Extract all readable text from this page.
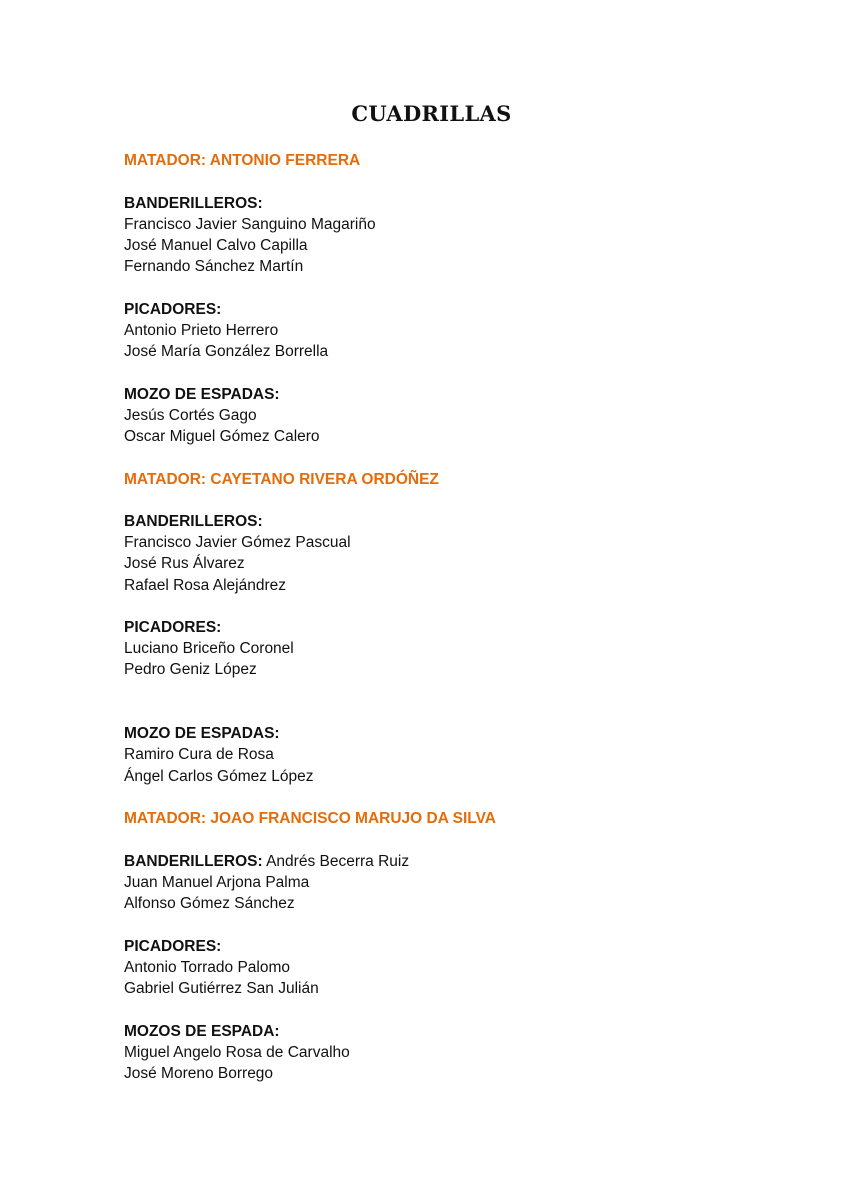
CUADRILLAS
MATADOR: ANTONIO FERRERA
BANDERILLEROS:
Francisco Javier Sanguino Magariño
José Manuel Calvo Capilla
Fernando Sánchez Martín
PICADORES:
Antonio Prieto Herrero
José María González Borrella
MOZO DE ESPADAS:
Jesús Cortés Gago
Oscar Miguel Gómez Calero
MATADOR: CAYETANO RIVERA ORDÓÑEZ
BANDERILLEROS:
Francisco Javier Gómez Pascual
José Rus Álvarez
Rafael Rosa Alejándrez
PICADORES:
Luciano Briceño Coronel
Pedro Geniz López
MOZO DE ESPADAS:
Ramiro Cura de Rosa
Ángel Carlos Gómez López
MATADOR: JOAO FRANCISCO MARUJO DA SILVA
BANDERILLEROS: Andrés Becerra Ruiz
Juan Manuel Arjona Palma
Alfonso Gómez Sánchez
PICADORES:
Antonio Torrado Palomo
Gabriel Gutiérrez San Julián
MOZOS DE ESPADA:
Miguel Angelo Rosa de Carvalho
José Moreno Borrego
